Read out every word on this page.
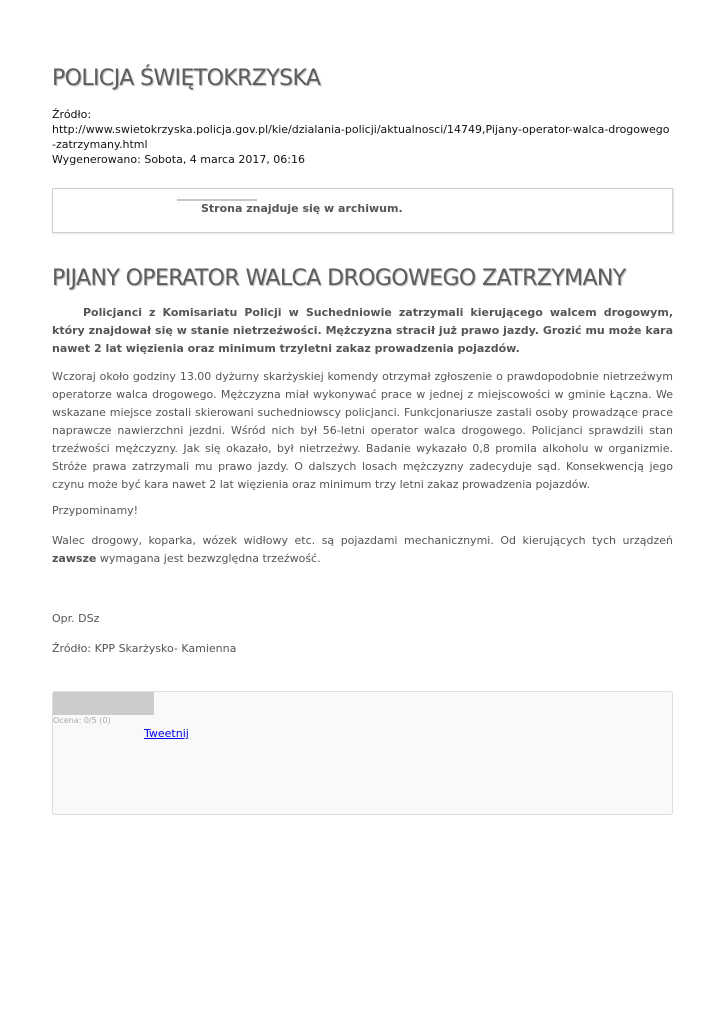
POLICJA ŚWIĘTOKRZYSKA
Źródło:
http://www.swietokrzyska.policja.gov.pl/kie/dzialania-policji/aktualnosci/14749,Pijany-operator-walca-drogowego-zatrzymany.html
Wygenerowano: Sobota, 4 marca 2017, 06:16
Strona znajduje się w archiwum.
PIJANY OPERATOR WALCA DROGOWEGO ZATRZYMANY

Policjanci z Komisariatu Policji w Suchedniowie zatrzymali kierującego walcem drogowym, który znajdował się w stanie nietrzeźwości. Mężczyzna stracił już prawo jazdy. Grozić mu może kara nawet 2 lat więzienia oraz minimum trzyletni zakaz prowadzenia pojazdów.

Wczoraj około godziny 13.00 dyżurny skarżyskiej komendy otrzymał zgłoszenie o prawdopodobnie nietrzeźwym operatorze walca drogowego. Mężczyzna miał wykonywać prace w jednej z miejscowości w gminie Łączna. We wskazane miejsce zostali skierowani suchedniowscy policjanci. Funkcjonariusze zastali osoby prowadzące prace naprawcze nawierzchni jezdni. Wśród nich był 56-letni operator walca drogowego. Policjanci sprawdzili stan trzeźwości mężczyzny. Jak się okazało, był nietrzeźwy. Badanie wykazało 0,8 promila alkoholu w organizmie. Stróże prawa zatrzymali mu prawo jazdy. O dalszych losach mężczyzny zadecyduje sąd. Konsekwencją jego czynu może być kara nawet 2 lat więzienia oraz minimum trzy letni zakaz prowadzenia pojazdów.

Przypominamy!

Walec drogowy, koparka, wózek widłowy etc. są pojazdami mechanicznymi. Od kierujących tych urządzeń zawsze wymagana jest bezwzględna trzeźwość.

Opr. DSz

Źródło: KPP Skarżysko- Kamienna

Ocena: 0/5 (0)
Tweetnij
